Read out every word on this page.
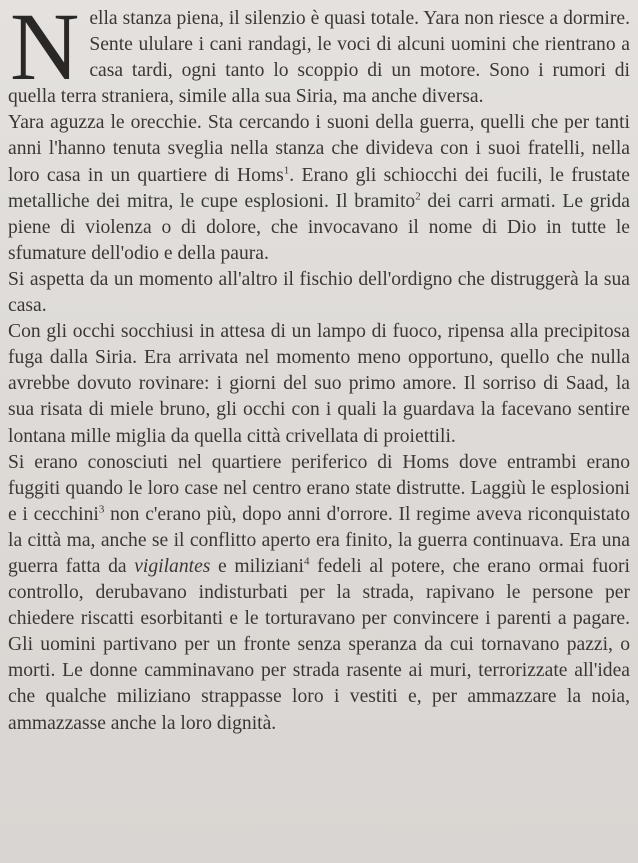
N ella stanza piena, il silenzio è quasi totale. Yara non riesce a dormire. Sente ululare i cani randagi, le voci di alcuni uomini che rientrano a casa tardi, ogni tanto lo scoppio di un motore. Sono i rumori di quella terra straniera, simile alla sua Siria, ma anche diversa.

Yara aguzza le orecchie. Sta cercando i suoni della guerra, quelli che per tanti anni l'hanno tenuta sveglia nella stanza che divideva con i suoi fratelli, nella loro casa in un quartiere di Homs$^1$. Erano gli schiocchi dei fucili, le frustate metalliche dei mitra, le cupe esplosioni. Il bramito$^2$ dei carri armati. Le grida piene di violenza o di dolore, che invocavano il nome di Dio in tutte le sfumature dell'odio e della paura.

Si aspetta da un momento all'altro il fischio dell'ordigno che distruggerà la sua casa.

Con gli occhi socchiusi in attesa di un lampo di fuoco, ripensa alla precipitosa fuga dalla Siria. Era arrivata nel momento meno opportuno, quello che nulla avrebbe dovuto rovinare: i giorni del suo primo amore. Il sorriso di Saad, la sua risata di miele bruno, gli occhi con i quali la guardava la facevano sentire lontana mille miglia da quella città crivellata di proiettili.

Si erano conosciuti nel quartiere periferico di Homs dove entrambi erano fuggiti quando le loro case nel centro erano state distrutte. Laggiù le esplosioni e i cecchini$^3$ non c'erano più, dopo anni d'orrore. Il regime aveva riconquistato la città ma, anche se il conflitto aperto era finito, la guerra continuava. Era una guerra fatta da vigilantes e miliziani$^4$ fedeli al potere, che erano ormai fuori controllo, derubavano indisturbati per la strada, rapivano le persone per chiedere riscatti esorbitanti e le torturavano per convincere i parenti a pagare. Gli uomini partivano per un fronte senza speranza da cui tornavano pazzi, o morti. Le donne camminavano per strada rasente ai muri, terrorizzate all'idea che qualche miliziano strappasse loro i vestiti e, per ammazzare la noia, ammazzasse anche la loro dignità.
